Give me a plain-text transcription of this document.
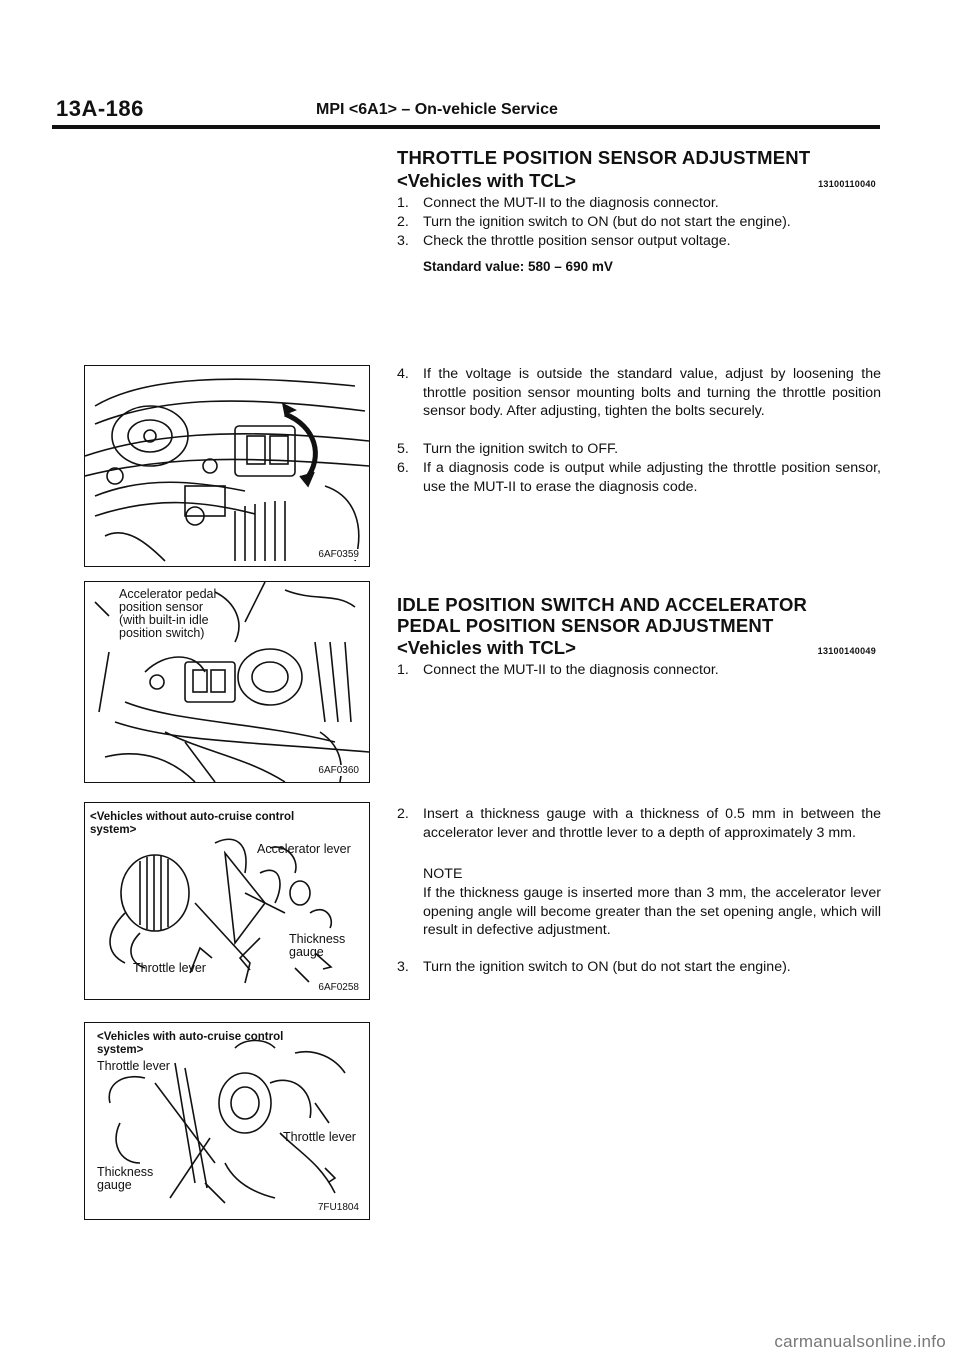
13A-186	MPI <6A1> – On-vehicle Service
THROTTLE POSITION SENSOR ADJUSTMENT
<Vehicles with TCL>	13100110040
1. Connect the MUT-II to the diagnosis connector.
2. Turn the ignition switch to ON (but do not start the engine).
3. Check the throttle position sensor output voltage.
Standard value: 580 – 690 mV
4. If the voltage is outside the standard value, adjust by loosening the throttle position sensor mounting bolts and turning the throttle position sensor body. After adjusting, tighten the bolts securely.
5. Turn the ignition switch to OFF.
6. If a diagnosis code is output while adjusting the throttle position sensor, use the MUT-II to erase the diagnosis code.
IDLE POSITION SWITCH AND ACCELERATOR
PEDAL POSITION SENSOR ADJUSTMENT
<Vehicles with TCL>	13100140049
1. Connect the MUT-II to the diagnosis connector.
2. Insert a thickness gauge with a thickness of 0.5 mm in between the accelerator lever and throttle lever to a depth of approximately 3 mm.
NOTE
If the thickness gauge is inserted more than 3 mm, the accelerator lever opening angle will become greater than the set opening angle, which will result in defective adjustment.
3. Turn the ignition switch to ON (but do not start the engine).
6AF0359
Accelerator pedal
position sensor
(with built-in idle
position switch)
6AF0360
<Vehicles without auto-cruise control
system>
Accelerator lever
Thickness
gauge
Throttle lever
6AF0258
<Vehicles with auto-cruise control
system>
Throttle lever
Throttle lever
Thickness
gauge
7FU1804
carmanualsonline.info
